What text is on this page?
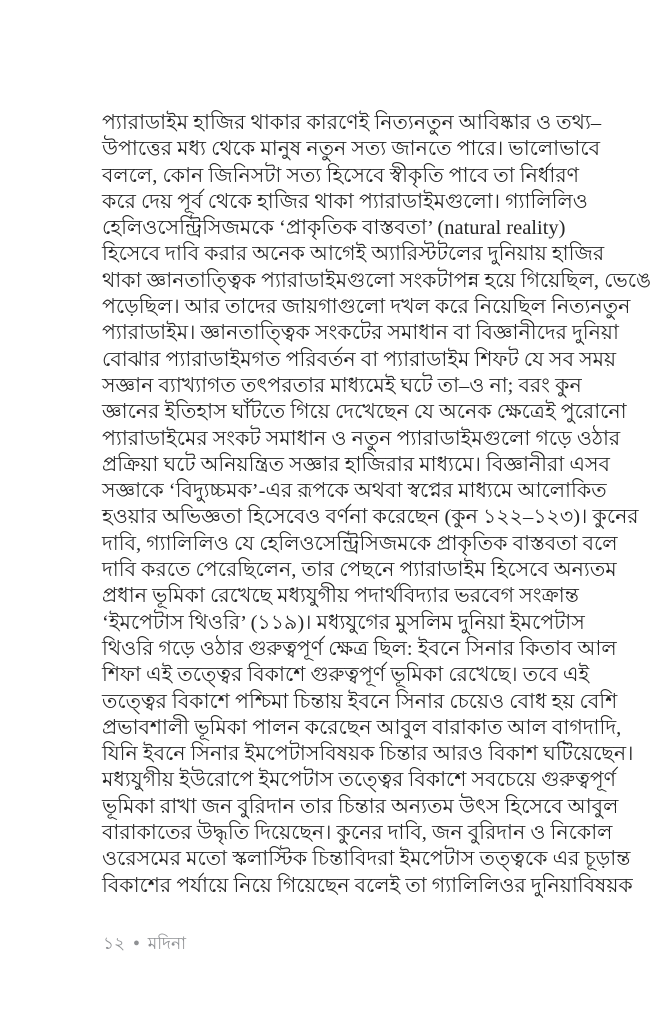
প্যারাডাইম হাজির থাকার কারণেই নিত্যনতুন আবিষ্কার ও তথ্য–
উপাত্তের মধ্য থেকে মানুষ নতুন সত্য জানতে পারে। ভালোভাবে
বললে, কোন জিনিসটা সত্য হিসেবে স্বীকৃতি পাবে তা নির্ধারণ
করে দেয় পূর্ব থেকে হাজির থাকা প্যারাডাইমগুলো। গ্যালিলিও
হেলিওসেন্ট্রিসিজমকে ‘প্রাকৃতিক বাস্তবতা’ (natural reality)
হিসেবে দাবি করার অনেক আগেই অ্যারিস্টটলের দুনিয়ায় হাজির
থাকা জ্ঞানতাত্ত্বিক প্যারাডাইমগুলো সংকটাপন্ন হয়ে গিয়েছিল, ভেঙে
পড়েছিল। আর তাদের জায়গাগুলো দখল করে নিয়েছিল নিত্যনতুন
প্যারাডাইম। জ্ঞানতাত্ত্বিক সংকটের সমাধান বা বিজ্ঞানীদের দুনিয়া
বোঝার প্যারাডাইমগত পরিবর্তন বা প্যারাডাইম শিফট যে সব সময়
সজ্ঞান ব্যাখ্যাগত তৎপরতার মাধ্যমেই ঘটে তা–ও না; বরং কুন
জ্ঞানের ইতিহাস ঘাঁটতে গিয়ে দেখেছেন যে অনেক ক্ষেত্রেই পুরোনো
প্যারাডাইমের সংকট সমাধান ও নতুন প্যারাডাইমগুলো গড়ে ওঠার
প্রক্রিয়া ঘটে অনিয়ন্ত্রিত সজ্ঞার হাজিরার মাধ্যমে। বিজ্ঞানীরা এসব
সজ্ঞাকে ‘বিদ্যুচ্চমক’-এর রূপকে অথবা স্বপ্নের মাধ্যমে আলোকিত
হওয়ার অভিজ্ঞতা হিসেবেও বর্ণনা করেছেন (কুন ১২২–১২৩)। কুনের
দাবি, গ্যালিলিও যে হেলিওসেন্ট্রিসিজমকে প্রাকৃতিক বাস্তবতা বলে
দাবি করতে পেরেছিলেন, তার পেছনে প্যারাডাইম হিসেবে অন্যতম
প্রধান ভূমিকা রেখেছে মধ্যযুগীয় পদার্থবিদ্যার ভরবেগ সংক্রান্ত
‘ইমপেটাস থিওরি’ (১১৯)। মধ্যযুগের মুসলিম দুনিয়া ইমপেটাস
থিওরি গড়ে ওঠার গুরুত্বপূর্ণ ক্ষেত্র ছিল: ইবনে সিনার কিতাব আল
শিফা এই তত্ত্বের বিকাশে গুরুত্বপূর্ণ ভূমিকা রেখেছে। তবে এই
তত্ত্বের বিকাশে পশ্চিমা চিন্তায় ইবনে সিনার চেয়েও বোধ হয় বেশি
প্রভাবশালী ভূমিকা পালন করেছেন আবুল বারাকাত আল বাগদাদি,
যিনি ইবনে সিনার ইমপেটাসবিষয়ক চিন্তার আরও বিকাশ ঘটিয়েছেন।
মধ্যযুগীয় ইউরোপে ইমপেটাস তত্ত্বের বিকাশে সবচেয়ে গুরুত্বপূর্ণ
ভূমিকা রাখা জন বুরিদান তার চিন্তার অন্যতম উৎস হিসেবে আবুল
বারাকাতের উদ্ধৃতি দিয়েছেন। কুনের দাবি, জন বুরিদান ও নিকোল
ওরেসমের মতো স্কলাস্টিক চিন্তাবিদরা ইমপেটাস তত্ত্বকে এর চূড়ান্ত
বিকাশের পর্যায়ে নিয়ে গিয়েছেন বলেই তা গ্যালিলিওর দুনিয়াবিষয়ক
১২ ● মদিনা
